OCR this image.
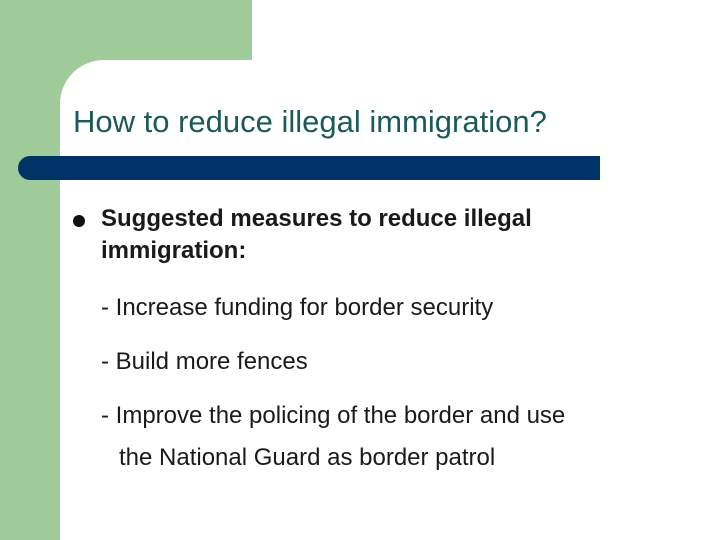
How to reduce illegal immigration?

Suggested measures to reduce illegal immigration:

- Increase funding for border security

- Build more fences

- Improve the policing of the border and use

the National Guard as border patrol
